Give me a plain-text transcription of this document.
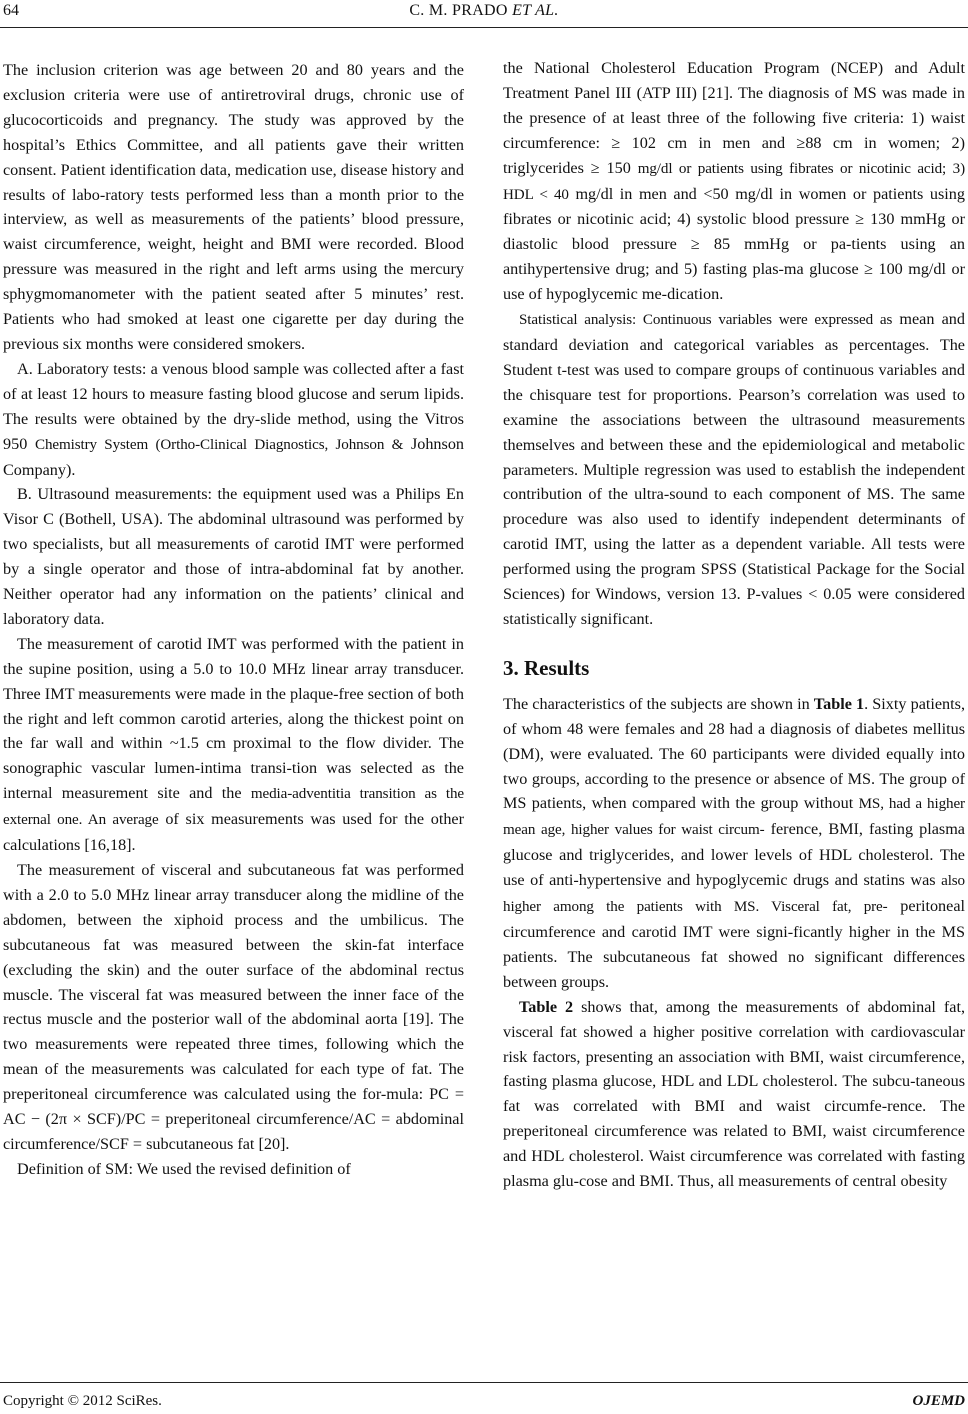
64	C. M. PRADO ET AL.

The inclusion criterion was age between 20 and 80 years and the exclusion criteria were use of antiretroviral drugs, chronic use of glucocorticoids and pregnancy. The study was approved by the hospital’s Ethics Committee, and all patients gave their written consent. Patient identification data, medication use, disease history and results of labo-ratory tests performed less than a month prior to the interview, as well as measurements of the patients’ blood pressure, waist circumference, weight, height and BMI were recorded. Blood pressure was measured in the right and left arms using the mercury sphygmomanometer with the patient seated after 5 minutes’ rest. Patients who had smoked at least one cigarette per day during the previous six months were considered smokers.

A. Laboratory tests: a venous blood sample was collected after a fast of at least 12 hours to measure fasting blood glucose and serum lipids. The results were obtained by the dry-slide method, using the Vitros 950 Chemistry System (Ortho-Clinical Diagnostics, Johnson & Johnson Company).

B. Ultrasound measurements: the equipment used was a Philips En Visor C (Bothell, USA). The abdominal ultrasound was performed by two specialists, but all measurements of carotid IMT were performed by a single operator and those of intra-abdominal fat by another. Neither operator had any information on the patients’ clinical and laboratory data.

The measurement of carotid IMT was performed with the patient in the supine position, using a 5.0 to 10.0 MHz linear array transducer. Three IMT measurements were made in the plaque-free section of both the right and left common carotid arteries, along the thickest point on the far wall and within ~1.5 cm proximal to the flow divider. The sonographic vascular lumen-intima transi-tion was selected as the internal measurement site and the media-adventitia transition as the external one. An average of six measurements was used for the other calculations [16,18].

The measurement of visceral and subcutaneous fat was performed with a 2.0 to 5.0 MHz linear array transducer along the midline of the abdomen, between the xiphoid process and the umbilicus. The subcutaneous fat was measured between the skin-fat interface (excluding the skin) and the outer surface of the abdominal rectus muscle. The visceral fat was measured between the inner face of the rectus muscle and the posterior wall of the abdominal aorta [19]. The two measurements were repeated three times, following which the mean of the measurements was calculated for each type of fat. The preperitoneal circumference was calculated using the for-mula: PC = AC − (2π × SCF)/PC = preperitoneal circumference/AC = abdominal circumference/SCF = subcutaneous fat [20].

Definition of SM: We used the revised definition of

the National Cholesterol Education Program (NCEP) and Adult Treatment Panel III (ATP III) [21]. The diagnosis of MS was made in the presence of at least three of the following five criteria: 1) waist circumference: ≥ 102 cm in men and ≥88 cm in women; 2) triglycerides ≥ 150 mg/dl or patients using fibrates or nicotinic acid; 3) HDL < 40 mg/dl in men and <50 mg/dl in women or patients using fibrates or nicotinic acid; 4) systolic blood pressure ≥ 130 mmHg or diastolic blood pressure ≥ 85 mmHg or pa-tients using an antihypertensive drug; and 5) fasting plas-ma glucose ≥ 100 mg/dl or use of hypoglycemic me-dication.

Statistical analysis: Continuous variables were expressed as mean and standard deviation and categorical variables as percentages. The Student t-test was used to compare groups of continuous variables and the chisquare test for proportions. Pearson’s correlation was used to examine the associations between the ultrasound measurements themselves and between these and the epidemiological and metabolic parameters. Multiple regression was used to establish the independent contribution of the ultra-sound to each component of MS. The same procedure was also used to identify independent determinants of carotid IMT, using the latter as a dependent variable. All tests were performed using the program SPSS (Statistical Package for the Social Sciences) for Windows, version 13. P-values < 0.05 were considered statistically significant.

3. Results

The characteristics of the subjects are shown in Table 1. Sixty patients, of whom 48 were females and 28 had a diagnosis of diabetes mellitus (DM), were evaluated. The 60 participants were divided equally into two groups, according to the presence or absence of MS. The group of MS patients, when compared with the group without MS, had a higher mean age, higher values for waist circum- ference, BMI, fasting plasma glucose and triglycerides, and lower levels of HDL cholesterol. The use of anti-hypertensive and hypoglycemic drugs and statins was also higher among the patients with MS. Visceral fat, pre- peritoneal circumference and carotid IMT were signi-ficantly higher in the MS patients. The subcutaneous fat showed no significant differences between groups.

Table 2 shows that, among the measurements of abdominal fat, visceral fat showed a higher positive correlation with cardiovascular risk factors, presenting an association with BMI, waist circumference, fasting plasma glucose, HDL and LDL cholesterol. The subcu-taneous fat was correlated with BMI and waist circumfe-rence. The preperitoneal circumference was related to BMI, waist circumference and HDL cholesterol. Waist circumference was correlated with fasting plasma glu-cose and BMI. Thus, all measurements of central obesity

Copyright © 2012 SciRes.	OJEMD
